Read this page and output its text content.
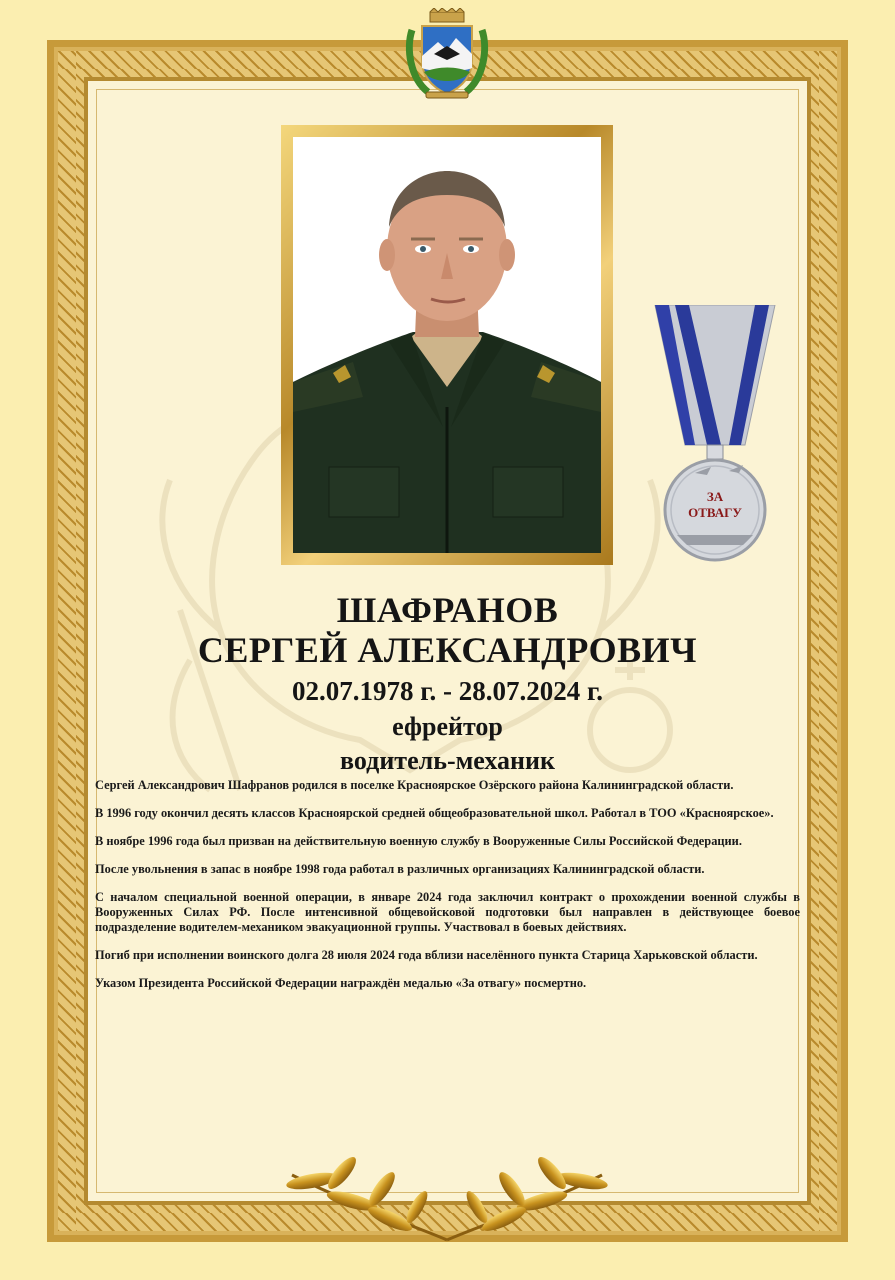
ЗА
ОТВАГУ
ШАФРАНОВ
СЕРГЕЙ АЛЕКСАНДРОВИЧ
02.07.1978 г. - 28.07.2024 г.
ефрейтор
водитель-механик

Сергей Александрович Шафранов родился в поселке Красноярское Озёрского района Калининградской области.

В 1996 году окончил десять классов Красноярской средней общеобразовательной школ. Работал в ТОО «Красноярское».

В ноябре 1996 года был призван на действительную военную службу в Вооруженные Силы Российской Федерации.

После увольнения в запас в ноябре 1998 года работал в различных организациях Калининградской области.

С началом специальной военной операции, в январе 2024 года заключил контракт о прохождении военной службы в Вооруженных Силах РФ. После интенсивной общевойсковой подготовки был направлен в действующее боевое подразделение водителем-механиком эвакуационной группы. Участвовал в боевых действиях.

Погиб при исполнении воинского долга 28 июля 2024 года вблизи населённого пункта Старица Харьковской области.

Указом Президента Российской Федерации награждён медалью «За отвагу» посмертно.
